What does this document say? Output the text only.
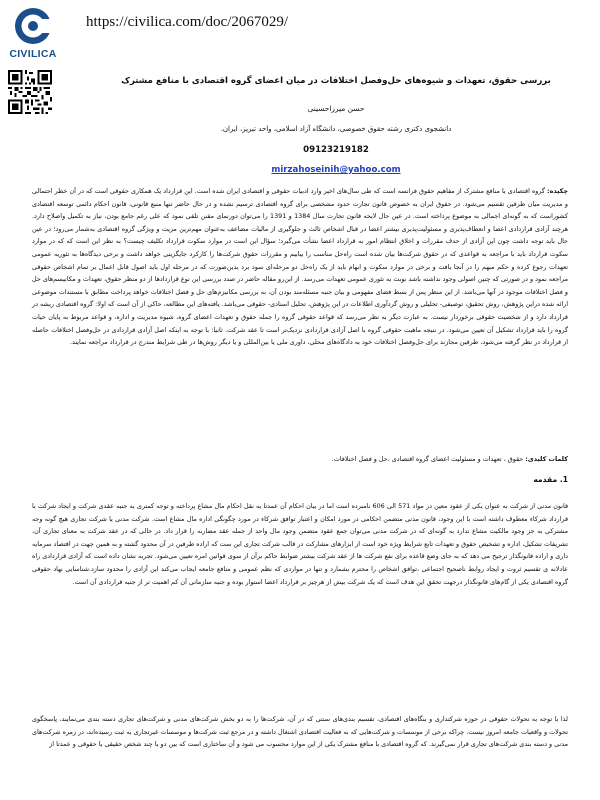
CIVILICA
https://civilica.com/doc/2067029/
بررسی حقوق، تعهدات و شیوه‌های حل‌وفصل اختلافات در میان اعضای گروه اقتصادی با منافع مشترک
حسن میرزاحسینی
دانشجوی دکتری رشته حقوق خصوصی، دانشگاه آزاد اسلامی، واحد تبریز، ایران.
09123219182
mirzahoseinih@yahoo.com
چکیده: گروه اقتصادی با منافع مشترک از مفاهیم حقوق فرانسه است که طی سال‌های اخیر وارد ادبیات حقوقی و اقتصادی ایران شده است. این قرارداد یک همکاری حقوقی است که در آن خطر احتمالی و مدیریت میان طرفین تقسیم می‌شود. در حقوق ایران به خصوص قانون تجارت حدود مشخصی برای گروه اقتصادی ترسیم نشده و در حال حاضر تنها منبع قانونی، قانون احکام دائمی توسعه اقتصادی کشوراست که به گونه‌ای اجمالی به موضوع پرداخته است. در عین حال لایحه قانون تجارت سال 1384 و 1391 را می‌توان دورنمای مقنن تلقی نمود که علی رغم جامع بودن، نیاز به تکمیل واصلاح دارد. هرچند آزادی قراردادی اعضا و انعطاف‌پذیری و مسئولیت‌پذیری بیشتر اعضا در قبال اشخاص ثالث و جلوگیری از مالیات مضاعف به‌عنوان مهم‌ترین مزیت و ویژگی گروه اقتصادی به‌شمار می‌رود؛ در عین حال باید توجه داشت چون این آزادی از حدف مقررات و اخلاق انتظام امور به قرارداد اعضا نشأت می‌گیرد؛ سؤال این است در موارد سکوت قرارداد تکلیف چیست؟ به نظر این است که که در موارد سکوت قرارداد باید با مراجعه به قواعدی که در حقوق شرکت‌ها بیان شده است راه‌حل مناسب را بیابیم و مقررات حقوق شرکت‌ها را کارکرد جایگزینی خواهد داشت و برخی دیدگاه‌ها به تئوریه عمومی تعهدات رجوع کرده و حکم مبهم را در آنجا یافت و برخی در موارد سکوت و ابهام باید از یک راه‌حل دو مرحله‌ای سود برد بدین‌صورت که در مرحله اول باید اصول قابل اعمال بر تمام اشخاص حقوقی مراجعه نمود و در صورتی که چنین اصولی وجود نداشته باشد نوبت به تئوری عمومی تعهدات می‌رسد. از این‌رو مقاله حاضر در صدد بررسی این نوع قراردادها از دو منظر حقوق، تعهدات و مکانیسم‌های حل و فصل اختلافات موجود در آنها می‌باشد. از این منظر پس از بسط فضای مفهومی و بیان جنبه مسئله‌مند بودن آن، به بررسی مکانیزم‌های حل و فصل اختلافات خواهد پرداخت مطابق با مستندات موضوعی ارائه شده دراین پژوهش، روش تحقیق، توصیفی- تحلیلی و روش گردآوری اطلاعات در این پژوهش، تحلیل اسنادی- حقوقی می‌باشد. یافته‌های این مطالعه، حاکی از آن است که اولا: گروه اقتصادی ریشه در قرارداد دارد و از شخصیت حقوقی برخوردار نیست. به عبارت دیگر به نظر می‌رسد که قواعد حقوقی گروه را جمله حقوق و تعهدات اعضای گروه، شیوه مدیریت و اداره، و قواعد مربوط به پایان حیات گروه را باید قرارداد تشکیل آن تعیین می‌شود. در نتیجه ماهیت حقوقی گروه با اصل آزادی قراردادی نزدیک‌تر است تا عقد شرکت. ثانیا: با توجه به اینکه اصل آزادی قراردادی در حل‌وفصل اختلافات حاصله از قرارداد در نظر گرفته می‌شود، طرفین مجازند برای حل‌وفصل اختلافات خود به دادگاه‌های محلی، داوری ملی یا بین‌المللی و یا دیگر روش‌ها در طی شرایط مندرج در قرارداد مراجعه نمایند.
کلمات کلیدی: حقوق ، تعهدات و مسئولیت اعضای گروه اقتصادی ،حل و فصل اختلافات.
1. مقدمه
قانون مدنی از شرکت به عنوان یکی از عقود معین در مواد 571 الی 606 نامبرده است اما در بیان احکام آن عمدتا به نقل احکام مال مشاع پرداخته و توجه کمتری به جنبه عقدی شرکت و ایجاد شرکت با قرارداد شرکاء معطوف داشته است با این وجود، قانون مدنی متضمن احکامی در مورد امکان و اعتبار توافق شرکاء در مورد چگونگی اداره مال مشاع است. شرکت مدنی یا شرکت تجاری هیچ گونه وجه مشترکی به جز وجود مالکیت مشاع ندارد به گونه‌ای که در شرکت مدنی می‌توان جمع عقود متضمن وجود مال واحد از جمله عقد مضاربه را قرار داد. در حالی که در عقد شرکت به معنای تجاری آن، تشریفات تشکیل، اداره و تشخیص حقوق و تعهدات تابع شرایط ویژه خود است از ابزارهای مشارکت در قالب شرکت تجاری این ست که اراده طرفین در آن محدود گشته و به همین جهت در اقتصاد سرمایه داری و اراده قانونگذار ترجیح می دهد که به جای وضع قاعده برای نفع شرکت ها از عقد شرکت بیشتر ضوابط حاکم برآن از سوی قوانین امره تعیین می‌شود. تجربه نشان داده است که آزادی قراردادی راه عادلانه ی تقسیم ثروت و ایجاد روابط ناصحیح اجتماعی ،توافق اشخاص را محترم بشمارد و تنها در مواردی که نظم عمومی و منافع جامعه ایجاب می‌کند این آزادی را محدود سازد.شناسایی نهاد حقوقی گروه اقتصادی یکی از گام‌های قانونگذار درجهت تحقق این هدف است که یک شرکت بیش از هرچیز بر قرارداد اعضا استوار بوده و جنبه سازمانی آن کم اهمیت تر از جنبه قراردادی آن است.
لذا با توجه به تحولات حقوقی در حوزه شرکتداری و بنگاه‌های اقتصادی، تقسیم بندی‌های سنتی که در آن، شرکت‌ها را به دو بخش شرکت‌های مدنی و شرکت‌های تجاری دسته بندی می‌نمایند، پاسخگوی تحولات و واقعیات جامعه امروز نیست. چراکه برخی از موسسات و شرکت‌هایی که به فعالیت اقتصادی اشتغال داشته و در مرجع ثبت شرکت‌ها و موسسات غیرتجاری به ثبت رسیده‌اند، در زمره شرکت‌های مدنی و دسته بندی شرکت‌های تجاری قرار نمی‌گیرند. که گروه اقتصادی با منافع مشترک یکی از این موارد محسوب می شود و آن ساختاری است که بین دو یا چند شخص حقیقی یا حقوقی و عمدتا از
